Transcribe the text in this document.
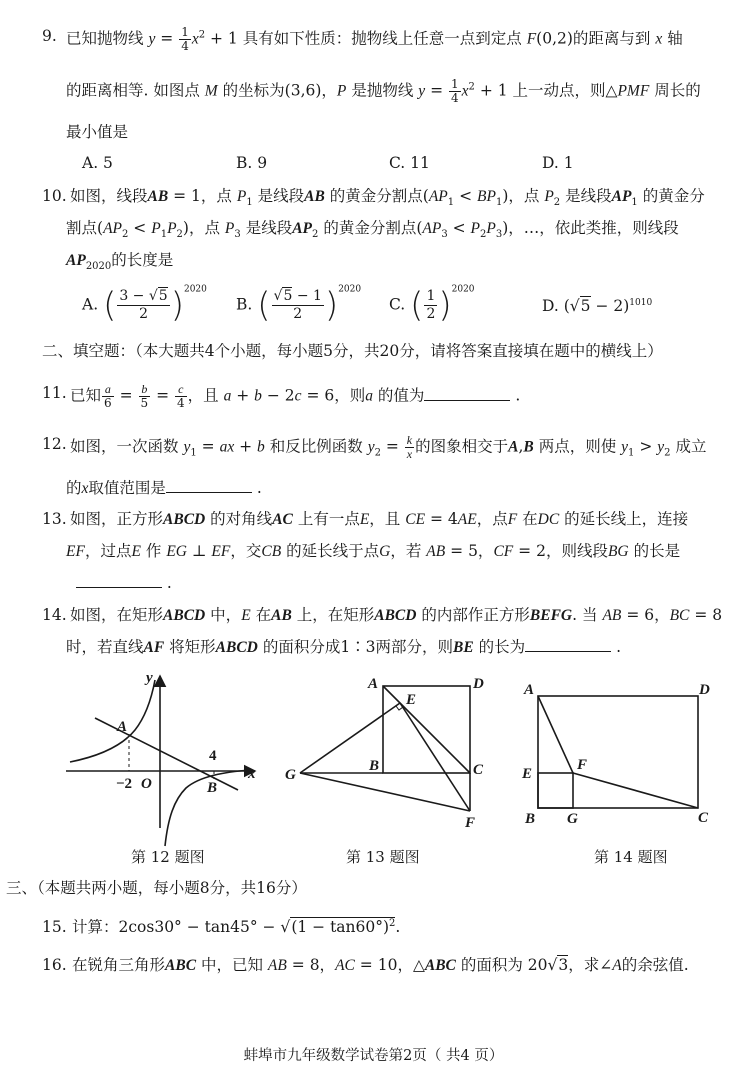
9. 已知抛物线 $y = \frac{1}{4} x^2 + 1$ 具有如下性质：抛物线上任意一点到定点 F(0,2)的距离与到 x 轴
的距离相等. 如图点 M 的坐标为(3,6)，P 是抛物线 $y = \frac{1}{4} x^2 + 1$ 上一动点，则△PMF 周长的
最小值是
A. 5	B. 9	C. 11	D. 1
10. 如图，线段AB = 1，点 $P_1$ 是线段AB 的黄金分割点$(AP_1 < BP_1)$，点 $P_2$ 是线段$AP_1$ 的黄金分
割点$(AP_2 < P_1P_2)$，点 $P_3$ 是线段$AP_2$ 的黄金分割点$(AP_3 < P_2P_3)$，…，依此类推，则线段
$AP_{2020}$的长度是
A. ( $\frac{3 - √5}{2} )^{2020}$
B. ( $\frac{√5 - 1}{2} )^{2020}$
C. ( $\frac{1}{2} )^{2020}$
D. $(√5 - 2)^{1010}$
二、填空题：（本大题共4个小题，每小题5分，共20分，请将答案直接填在题中的横线上）
11. 已知 $\frac{a}{6} = \frac{b}{5} = \frac{c}{4}$ ，且 a + b − 2c = 6，则a 的值为	.
12. 如图，一次函数 $y_1$ = ax + b 和反比例函数 $y_2 = \frac{k}{x}$ 的图象相交于A,B 两点，则使 $y_1 > y_2$ 成立
的x取值范围是	.
13. 如图，正方形ABCD 的对角线AC 上有一点E，且 CE = 4AE，点F 在DC 的延长线上，连接
EF，过点E 作 EG ⊥ EF，交CB 的延长线于点G，若 AB = 5，CF = 2，则线段BG 的长是
.
14. 如图，在矩形ABCD 中，E 在AB 上，在矩形ABCD 的内部作正方形BEFG. 当 AB = 6，BC = 8
时，若直线AF 将矩形ABCD 的面积分成1∶3两部分，则BE 的长为	.
y
x
A
B
O
−2
4
A	D
E
B	C
G
F
A	D
E
F
B G	C
第 12 题图	第 13 题图	第 14 题图
三、（本题共两小题，每小题8分，共16分）
15. 计算：$2\cos 30^\circ - \tan 45^\circ - √(1 - \tan 60^\circ)^2$.
16. 在锐角三角形ABC 中，已知 AB = 8，AC = 10，△ABC 的面积为 20√3，求∠A的余弦值.
蚌埠市九年级数学试卷第2页（ 共4 页）
